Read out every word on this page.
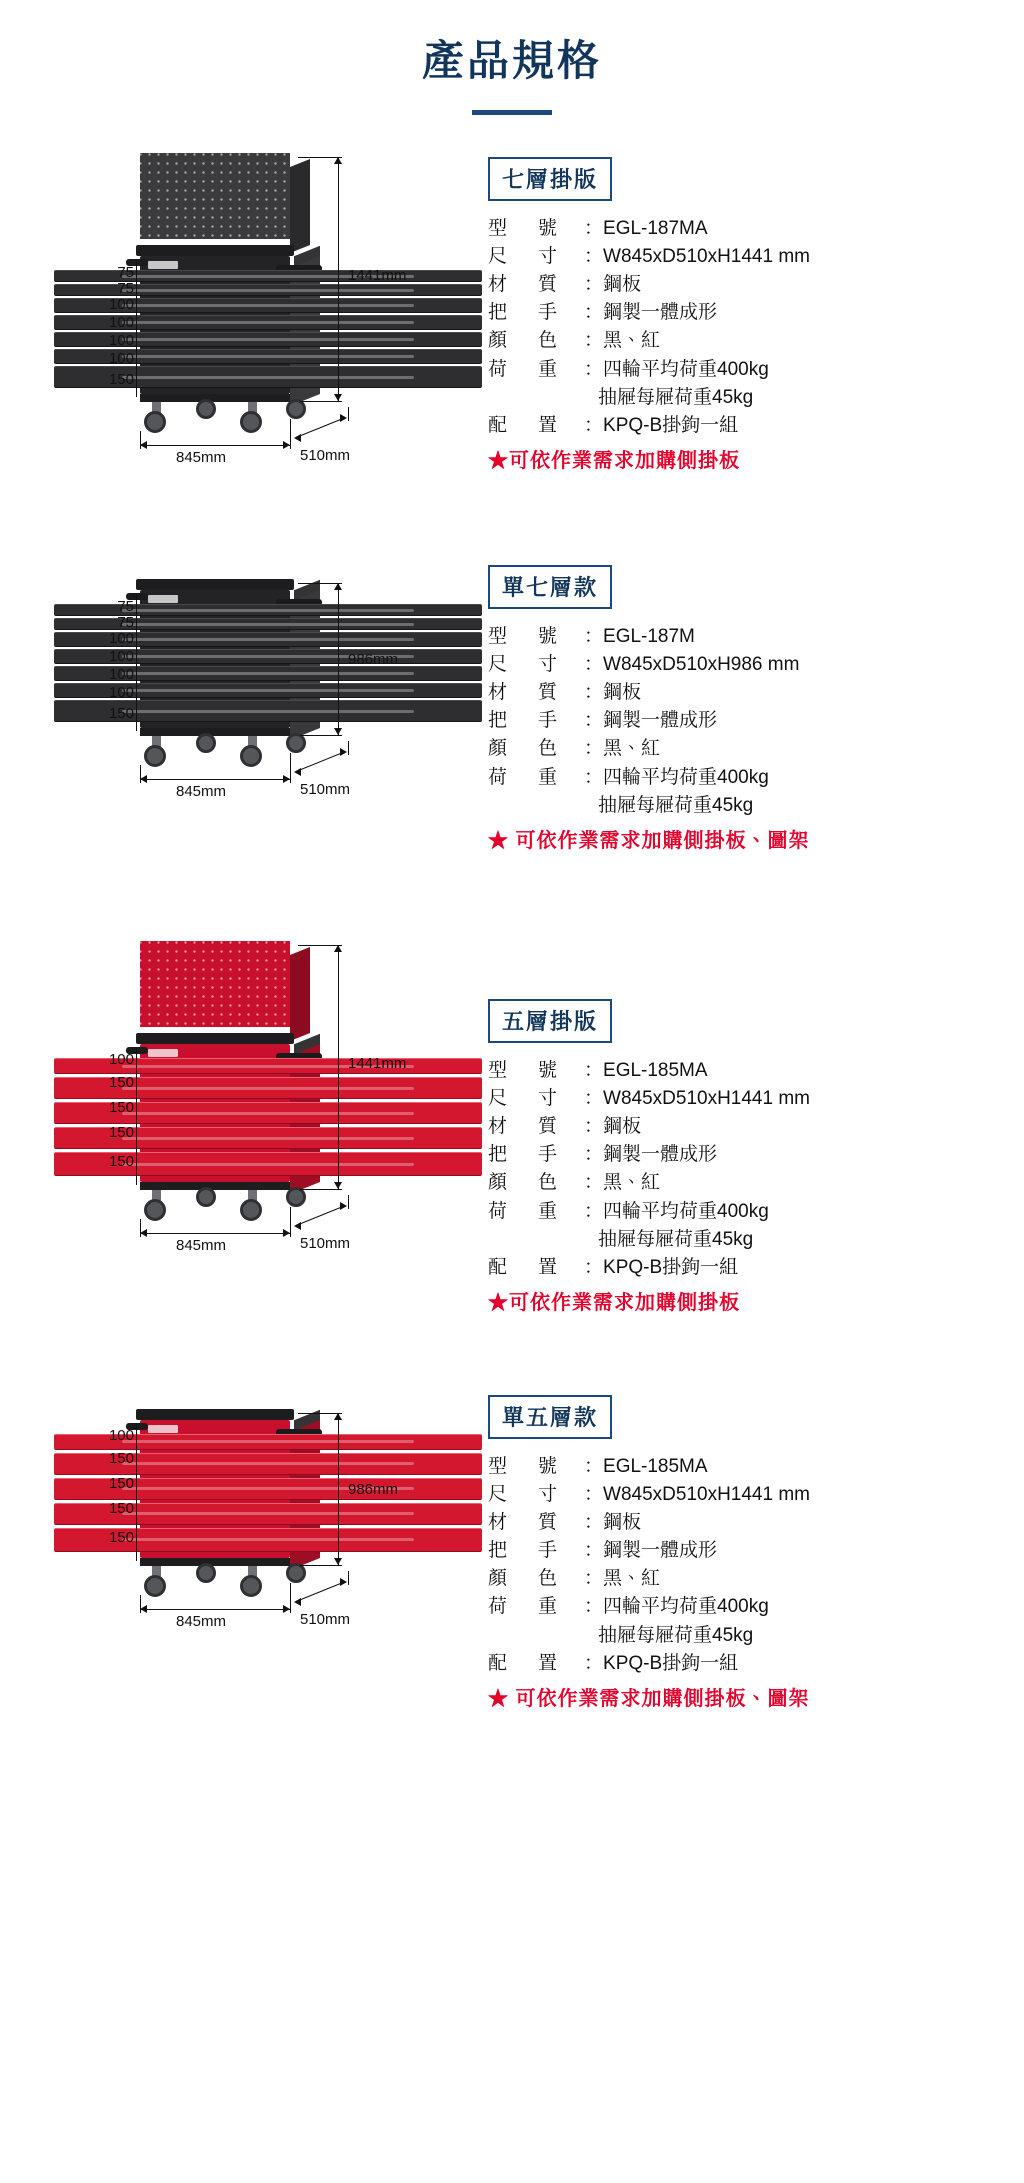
產品規格
75
75
100
100
100
100
150
1441mm
845mm	510mm
七層掛版
型　號	： EGL-187MA
尺　寸	： W845xD510xH1441 mm
材　質	： 鋼板
把　手	： 鋼製一體成形
顏　色	： 黑、紅
荷　重	： 四輪平均荷重400kg
抽屜每屜荷重45kg
配　置	： KPQ-B掛鉤一組
★可依作業需求加購側掛板
75
75
100
100
100
100
150
986mm
845mm	510mm
單七層款
型　號	： EGL-187M
尺　寸	： W845xD510xH986 mm
材　質	： 鋼板
把　手	： 鋼製一體成形
顏　色	： 黑、紅
荷　重	： 四輪平均荷重400kg
抽屜每屜荷重45kg
★ 可依作業需求加購側掛板、圖架
100
150
150
150
150
1441mm
845mm	510mm
五層掛版
型　號	： EGL-185MA
尺　寸	： W845xD510xH1441 mm
材　質	： 鋼板
把　手	： 鋼製一體成形
顏　色	： 黑、紅
荷　重	： 四輪平均荷重400kg
抽屜每屜荷重45kg
配　置	： KPQ-B掛鉤一組
★可依作業需求加購側掛板
100
150
150
150
150
986mm
845mm	510mm
單五層款
型　號	： EGL-185MA
尺　寸	： W845xD510xH1441 mm
材　質	： 鋼板
把　手	： 鋼製一體成形
顏　色	： 黑、紅
荷　重	： 四輪平均荷重400kg
抽屜每屜荷重45kg
配　置	： KPQ-B掛鉤一組
★ 可依作業需求加購側掛板、圖架
